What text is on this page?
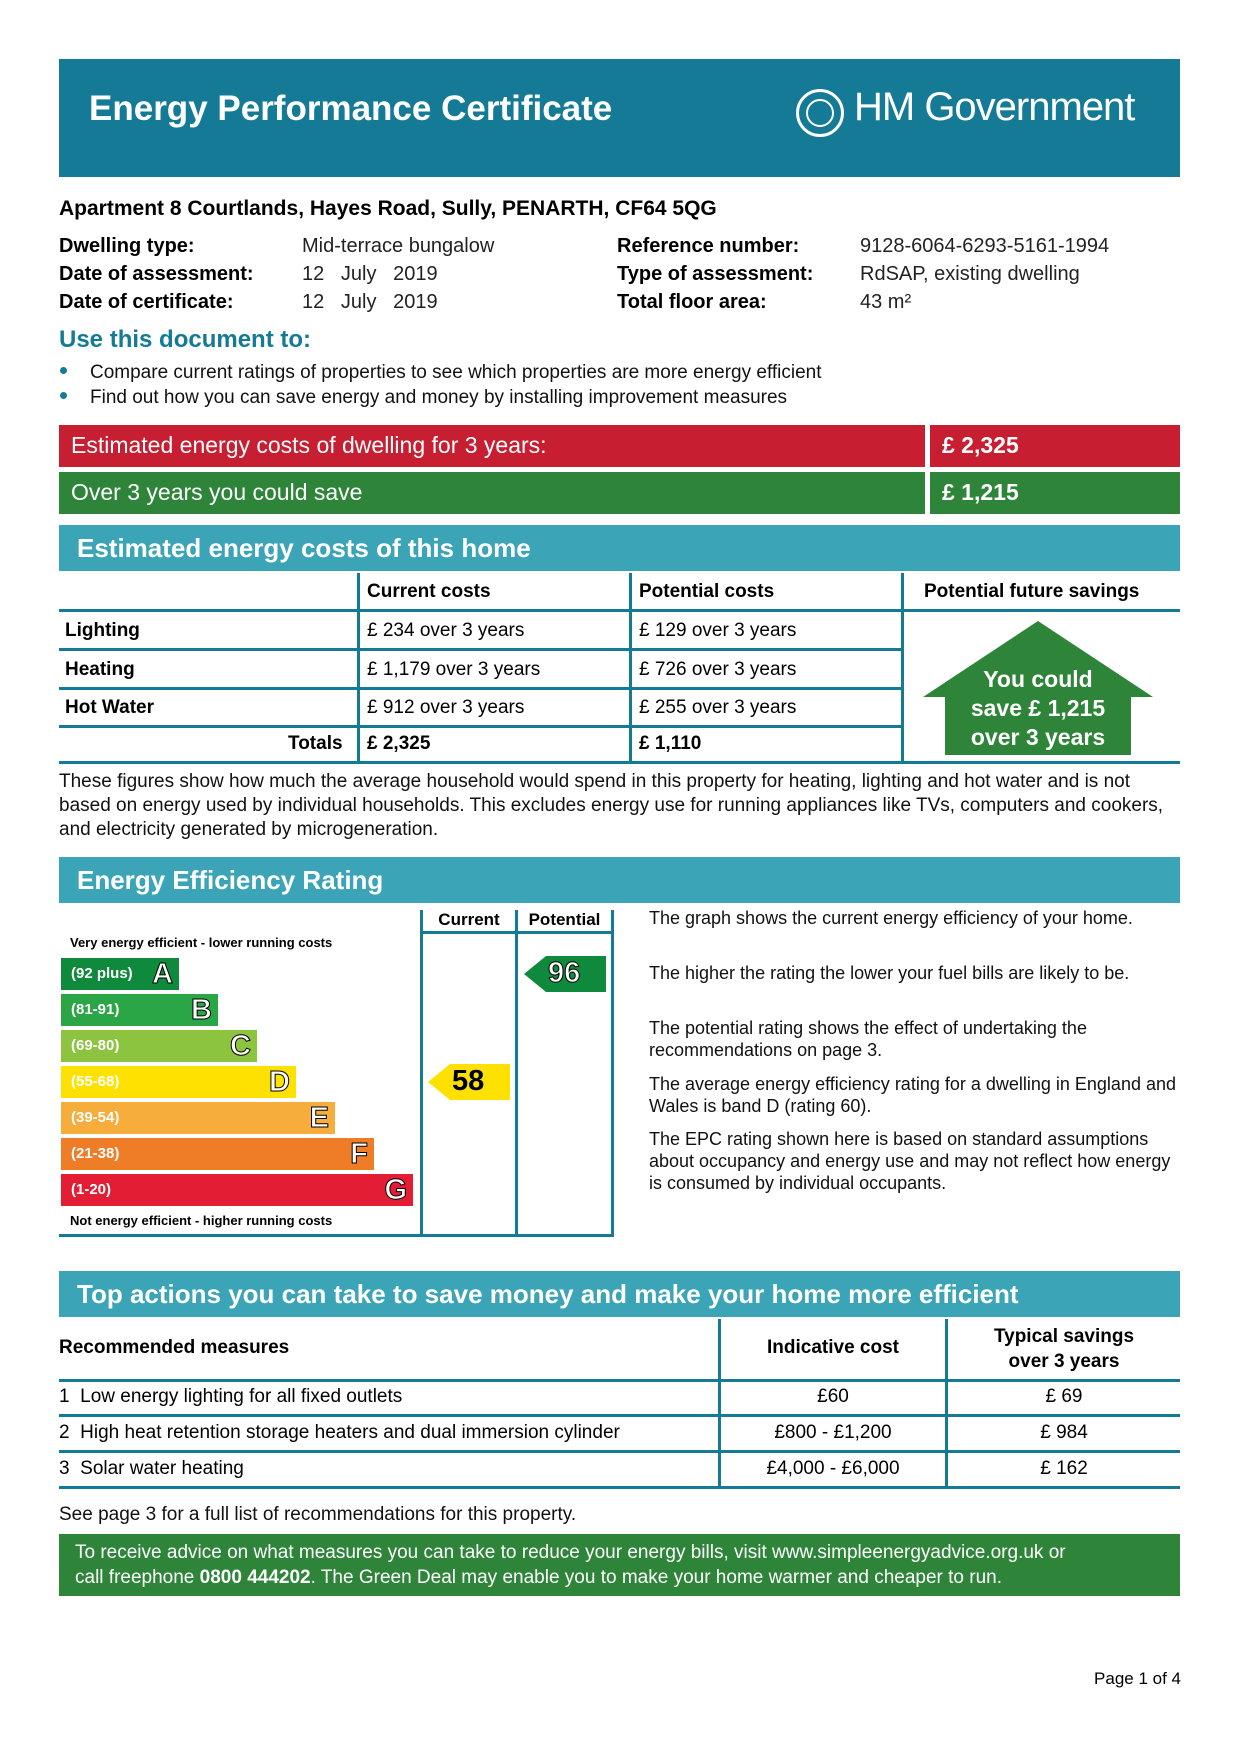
Energy Performance Certificate	HM Government
Apartment 8 Courtlands, Hayes Road, Sully, PENARTH, CF64 5QG
Dwelling type:	Mid-terrace bungalow
Date of assessment: 12   July   2019
Date of certificate:	12   July   2019
Reference number:	9128-6064-6293-5161-1994
Type of assessment: RdSAP, existing dwelling
Total floor area:	43 m²
Use this document to:
Compare current ratings of properties to see which properties are more energy efficient
Find out how you can save energy and money by installing improvement measures
Estimated energy costs of dwelling for 3 years:	£ 2,325
Over 3 years you could save	£ 1,215
Estimated energy costs of this home
Current costs	Potential costs	Potential future savings
Lighting	£ 234 over 3 years	£ 129 over 3 years
Heating	£ 1,179 over 3 years	£ 726 over 3 years
Hot Water	£ 912 over 3 years	£ 255 over 3 years
Totals £ 2,325	£ 1,110
You could
save £ 1,215
over 3 years
These figures show how much the average household would spend in this property for heating, lighting and hot water and is not based on energy used by individual households. This excludes energy use for running appliances like TVs, computers and cookers, and electricity generated by microgeneration.
Energy Efficiency Rating
Current	Potential
Very energy efficient - lower running costs
Not energy efficient - higher running costs
(92 plus) A
(81-91) B
(69-80)	C
(55-68)	D
(39-54)	E
(21-38)	F
(1-20)	G
58
96
The graph shows the current energy efficiency of your home.
The higher the rating the lower your fuel bills are likely to be.
The potential rating shows the effect of undertaking the recommendations on page 3.
The average energy efficiency rating for a dwelling in England and Wales is band D (rating 60).
The EPC rating shown here is based on standard assumptions about occupancy and energy use and may not reflect how energy is consumed by individual occupants.
Top actions you can take to save money and make your home more efficient
Recommended measures	Indicative cost
Typical savings
over 3 years
1 Low energy lighting for all fixed outlets	£60	£ 69
2 High heat retention storage heaters and dual immersion cylinder	£800 - £1,200	£ 984
3 Solar water heating	£4,000 - £6,000	£ 162
See page 3 for a full list of recommendations for this property.
To receive advice on what measures you can take to reduce your energy bills, visit www.simpleenergyadvice.org.uk or
call freephone 0800 444202. The Green Deal may enable you to make your home warmer and cheaper to run.
Page 1 of 4
